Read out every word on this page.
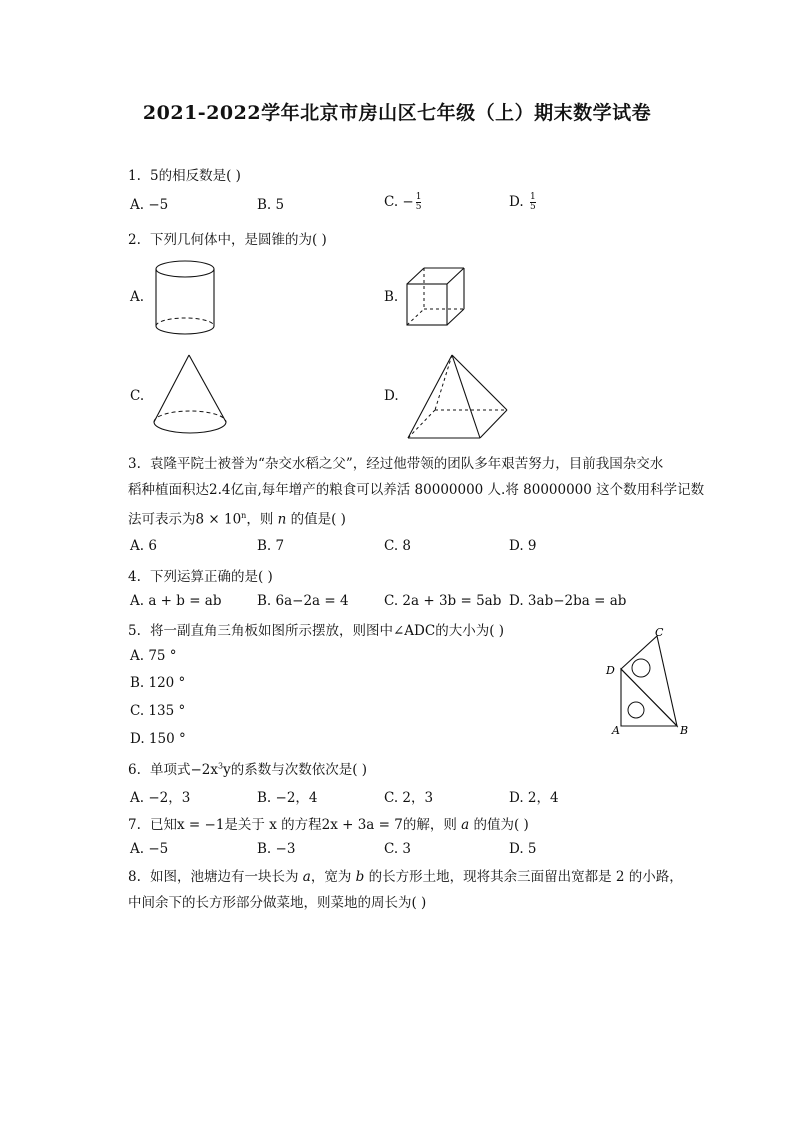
2021-2022学年北京市房山区七年级（上）期末数学试卷
1. 5的相反数是( )
A. −5	B. 5	C. − $\frac{1}{5}$	D. $\frac{1}{5}$
2. 下列几何体中，是圆锥的为( )
A.	B.
C.	D.
3. 袁隆平院士被誉为“杂交水稻之父”，经过他带领的团队多年艰苦努力，目前我国杂交水
稻种植面积达2.4亿亩,每年增产的粮食可以养活 80000000 人.将 80000000 这个数用科学记数
法可表示为$8 \times 10^n$，则 n 的值是( )
A. 6	B. 7	C. 8	D. 9
4. 下列运算正确的是( )
A. a + b = ab	B. 6a−2a = 4	C. 2a + 3b = 5ab D. 3ab−2ba = ab
5. 将一副直角三角板如图所示摆放，则图中∠ADC的大小为( )
A. 75 °
B. 120 °
C. 135 °
D. 150 °
A	B
C
D
6. 单项式$-2x^3y$的系数与次数依次是( )
A. −2，3	B. −2，4	C. 2，3	D. 2，4
7. 已知x = −1是关于 x 的方程2x + 3a = 7的解，则 a 的值为( )
A. −5	B. −3	C. 3	D. 5
8. 如图，池塘边有一块长为 a，宽为 b 的长方形土地，现将其余三面留出宽都是 2 的小路，
中间余下的长方形部分做菜地，则菜地的周长为( )
